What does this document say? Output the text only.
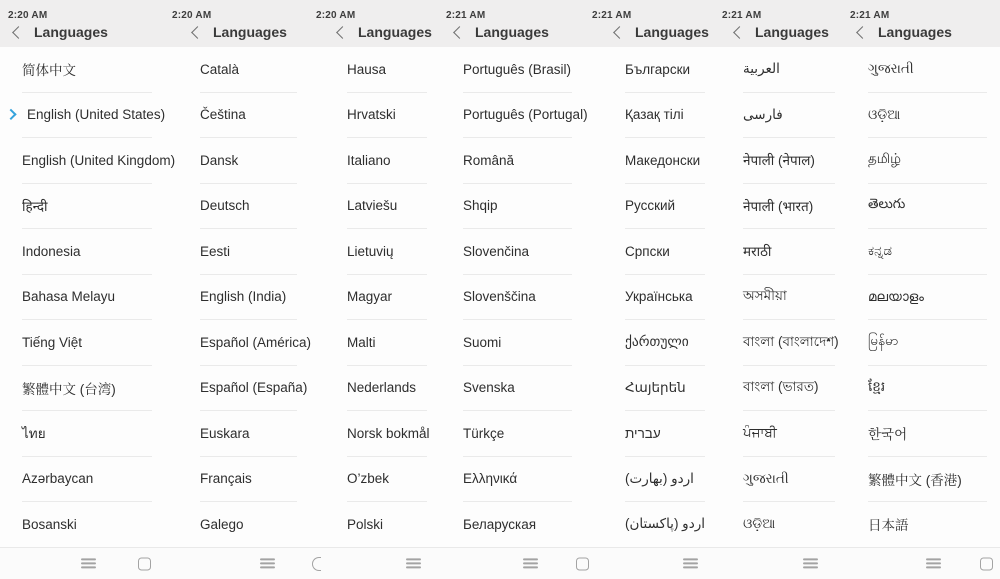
2:20 AM
Languages
简体中文
English (United States)
English (United Kingdom)
हिन्दी
Indonesia
Bahasa Melayu
Tiếng Việt
繁體中文 (台湾)
ไทย
Azərbaycan
Bosanski
2:20 AM
Languages
Català
Čeština
Dansk
Deutsch
Eesti
English (India)
Español (América)
Español (España)
Euskara
Français
Galego
2:20 AM
Languages
Hausa
Hrvatski
Italiano
Latviešu
Lietuvių
Magyar
Malti
Nederlands
Norsk bokmål
O’zbek
Polski
2:21 AM
Languages
Português (Brasil)
Português (Portugal)
Română
Shqip
Slovenčina
Slovenščina
Suomi
Svenska
Türkçe
Ελληνικά
Беларуская
2:21 AM
Languages
Български
Қазақ тілі
Македонски
Русский
Српски
Українська
ქართული
Հայերեն
עברית
اردو (بھارت)
اردو (پاکستان)
2:21 AM
Languages
العربية
فارسی
नेपाली (नेपाल)
नेपाली (भारत)
मराठी
অসমীয়া
বাংলা (বাংলাদেশ)
বাংলা (ভারত)
ਪੰਜਾਬੀ
ગુજરાતી
ଓଡ଼ିଆ
2:21 AM
Languages
ગુજરાતી
ଓଡ଼ିଆ
தமிழ்
తెలుగు
ಕನ್ನಡ
മലയാളം
မြန်မာ
ខ្មែរ
한국어
繁體中文 (香港)
日本語
